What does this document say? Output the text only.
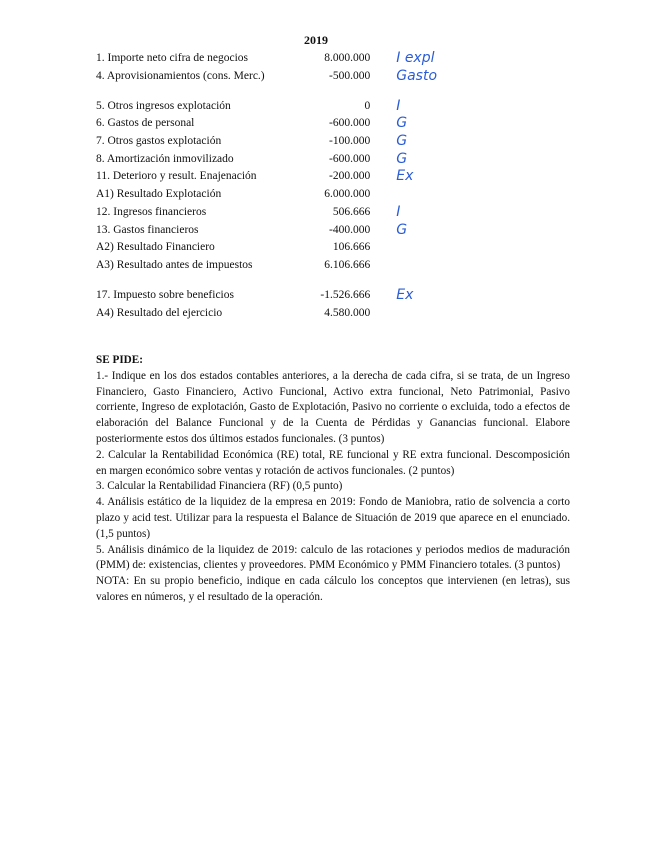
2019
1. Importe neto cifra de negocios	8.000.000	I expl
4. Aprovisionamientos (cons. Merc.)	-500.000	Gasto
5. Otros ingresos explotación	0	I
6. Gastos de personal	-600.000	G
7. Otros gastos explotación	-100.000	G
8. Amortización inmovilizado	-600.000	G
11. Deterioro y result. Enajenación	-200.000	Ex
A1) Resultado Explotación	6.000.000	
12. Ingresos financieros	506.666	I
13. Gastos financieros	-400.000	G
A2) Resultado Financiero	106.666	
A3) Resultado antes de impuestos	6.106.666	
17. Impuesto sobre beneficios	-1.526.666	Ex
A4) Resultado del ejercicio	4.580.000	

SE PIDE:

1.- Indique en los dos estados contables anteriores, a la derecha de cada cifra, si se trata, de un Ingreso Financiero, Gasto Financiero, Activo Funcional, Activo extra funcional, Neto Patrimonial, Pasivo corriente, Ingreso de explotación, Gasto de Explotación, Pasivo no corriente o excluida, todo a efectos de elaboración del Balance Funcional y de la Cuenta de Pérdidas y Ganancias funcional. Elabore posteriormente estos dos últimos estados funcionales. (3 puntos)

2. Calcular la Rentabilidad Económica (RE) total, RE funcional y RE extra funcional. Descomposición en margen económico sobre ventas y rotación de activos funcionales. (2 puntos)

3. Calcular la Rentabilidad Financiera (RF) (0,5 punto)

4. Análisis estático de la liquidez de la empresa en 2019: Fondo de Maniobra, ratio de solvencia a corto plazo y acid test. Utilizar para la respuesta el Balance de Situación de 2019 que aparece en el enunciado. (1,5 puntos)

5. Análisis dinámico de la liquidez de 2019: calculo de las rotaciones y periodos medios de maduración (PMM) de: existencias, clientes y proveedores. PMM Económico y PMM Financiero totales. (3 puntos)

NOTA: En su propio beneficio, indique en cada cálculo los conceptos que intervienen (en letras), sus valores en números, y el resultado de la operación.
